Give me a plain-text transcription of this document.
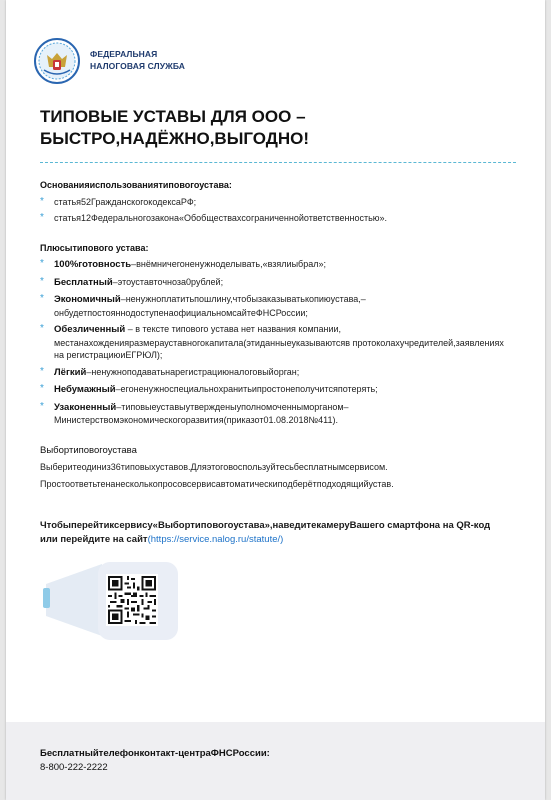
ФЕДЕРАЛЬНАЯ
НАЛОГОВАЯ СЛУЖБА
ТИПОВЫЕ УСТАВЫ ДЛЯ ООО –
БЫСТРО,НАДЁЖНО,ВЫГОДНО!
Основанияиспользованиятиповогоустава:
* статья52ГражданскогокодексаРФ;
* статья12Федеральногозакона«Обобществахсограниченнойответственностью».
Плюсытипового устава:
* 100%готовность–внёмничегоненужноделывать,«взялиыбрал»;
* Бесплатный–этоуставточноза0рублей;
* Экономичный–ненужноплатитьпошлину,чтобызаказыватькопиюустава,–онбудетпостояннодоступенаофициальномсайтеФНСРоссии;
* Обезличенный – в тексте типового устава нет названия компании, местанахожденияразмерауставногокапитала(этиданныеуказываютсяв протоколахучредителей,заявлениях на регистрациюиЕГРЮЛ);
* Лёгкий–ненужноподаватьнарегистрациюналоговыйорган;
* Небумажный–егоненужноспециальнохранитьипростонеполучитсяпотерять;
* Узаконенный–типовыеуставыутвержденыуполномоченныморганом–Министерствомэкономическогоразвития(приказот01.08.2018№411).
Выбортиповогоустава
Выберитеодиниз36типовыхуставов.Дляэтоговоспользуйтесьбесплатнымсервисом.
Простоответьтенанесколькопросовсервисавтоматическиподберётподходящийустав.
Чтобыперейтиксервису«Выбортиповогоустава»,наведитекамеруВашего смартфона на QR-код или перейдите на сайт(https://service.nalog.ru/statute/)
Бесплатныйтелефонконтакт-центраФНСРоссии:
8-800-222-2222
